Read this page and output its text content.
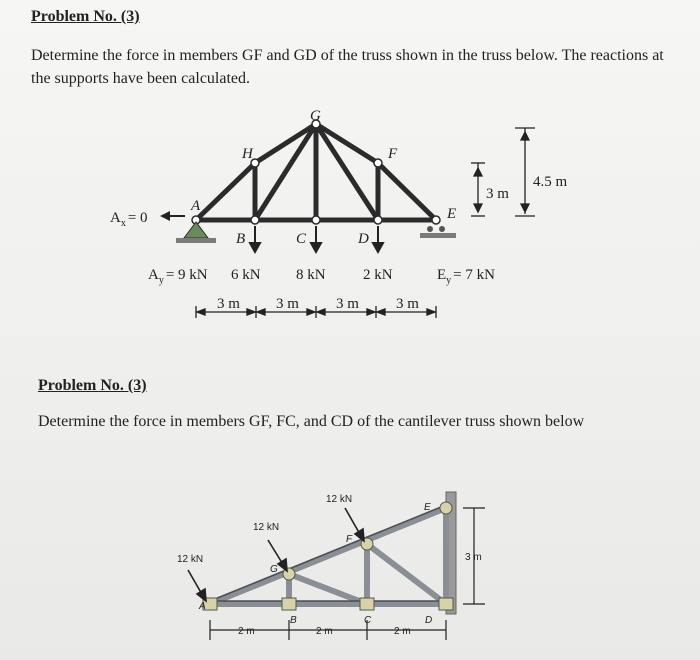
Problem No. (3)
Determine the force in members GF and GD of the truss shown in the truss below. The reactions at the supports have been calculated.
A
B	C	D
E
F
G
H
$A_x = 0$
$A_y = 9$ kN 6 kN 8 kN 2 kN	$E_y = 7$ kN
3 m 3 m 3 m 3 m
3 m
4.5 m
Problem No. (3)
Determine the force in members GF, FC, and CD of the cantilever truss shown below
12 kN
12 kN
12 kN
A
B	C	D
E
F
G
2 m	2 m	2 m
3 m
